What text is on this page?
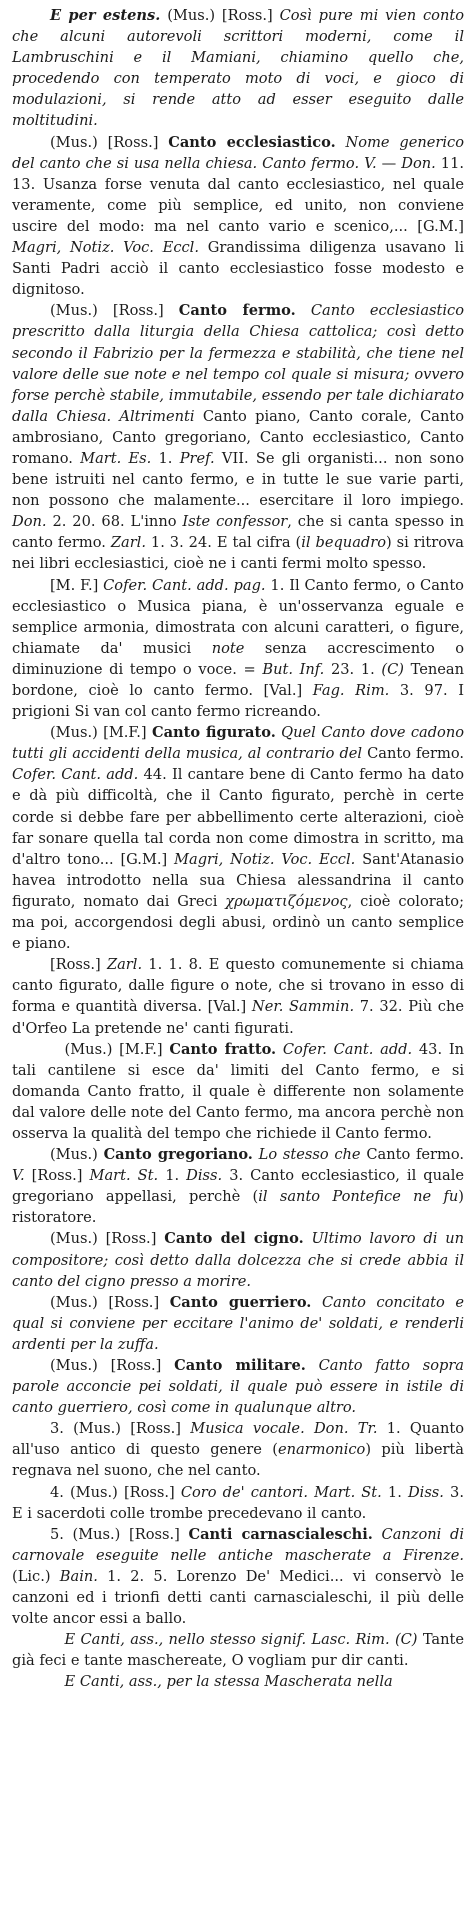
E per estens. (Mus.) [Ross.] Così pure mi vien conto che alcuni autorevoli scrittori moderni, come il Lambruschini e il Mamiani, chiamino quello che, procedendo con temperato moto di voci, e gioco di modulazioni, si rende atto ad esser eseguito dalle moltitudini.

(Mus.) [Ross.] Canto ecclesiastico. Nome generico del canto che si usa nella chiesa. Canto fermo. V. — Don. 11. 13. Usanza forse venuta dal canto ecclesiastico, nel quale veramente, come più semplice, ed unito, non conviene uscire del modo: ma nel canto vario e scenico,... [G.M.] Magri, Notiz. Voc. Eccl. Grandissima diligenza usavano li Santi Padri acciò il canto ecclesiastico fosse modesto e dignitoso.

(Mus.) [Ross.] Canto fermo. Canto ecclesiastico prescritto dalla liturgia della Chiesa cattolica; così detto secondo il Fabrizio per la fermezza e stabilità, che tiene nel valore delle sue note e nel tempo col quale si misura; ovvero forse perchè stabile, immutabile, essendo per tale dichiarato dalla Chiesa. Altrimenti Canto piano, Canto corale, Canto ambrosiano, Canto gregoriano, Canto ecclesiastico, Canto romano. Mart. Es. 1. Pref. VII. Se gli organisti... non sono bene istruiti nel canto fermo, e in tutte le sue varie parti, non possono che malamente... esercitare il loro impiego. Don. 2. 20. 68. L'inno Iste confessor, che si canta spesso in canto fermo. Zarl. 1. 3. 24. E tal cifra (il bequadro) si ritrova nei libri ecclesiastici, cioè ne i canti fermi molto spesso.

[M. F.] Cofer. Cant. add. pag. 1. Il Canto fermo, o Canto ecclesiastico o Musica piana, è un'osservanza eguale e semplice armonia, dimostrata con alcuni caratteri, o figure, chiamate da' musici note senza accrescimento o diminuzione di tempo o voce. = But. Inf. 23. 1. (C) Tenean bordone, cioè lo canto fermo. [Val.] Fag. Rim. 3. 97. I prigioni Si van col canto fermo ricreando.

(Mus.) [M.F.] Canto figurato. Quel Canto dove cadono tutti gli accidenti della musica, al contrario del Canto fermo. Cofer. Cant. add. 44. Il cantare bene di Canto fermo ha dato e dà più difficoltà, che il Canto figurato, perchè in certe corde si debbe fare per abbellimento certe alterazioni, cioè far sonare quella tal corda non come dimostra in scritto, ma d'altro tono... [G.M.] Magri, Notiz. Voc. Eccl. Sant'Atanasio havea introdotto nella sua Chiesa alessandrina il canto figurato, nomato dai Greci χρωματιζόμενος, cioè colorato; ma poi, accorgendosi degli abusi, ordinò un canto semplice e piano.

[Ross.] Zarl. 1. 1. 8. E questo comunemente si chiama canto figurato, dalle figure o note, che si trovano in esso di forma e quantità diversa. [Val.] Ner. Sammin. 7. 32. Più che d'Orfeo La pretende ne' canti figurati.

(Mus.) [M.F.] Canto fratto. Cofer. Cant. add. 43. In tali cantilene si esce da' limiti del Canto fermo, e si domanda Canto fratto, il quale è differente non solamente dal valore delle note del Canto fermo, ma ancora perchè non osserva la qualità del tempo che richiede il Canto fermo.

(Mus.) Canto gregoriano. Lo stesso che Canto fermo. V. [Ross.] Mart. St. 1. Diss. 3. Canto ecclesiastico, il quale gregoriano appellasi, perchè (il santo Pontefice ne fu) ristoratore.

(Mus.) [Ross.] Canto del cigno. Ultimo lavoro di un compositore; così detto dalla dolcezza che si crede abbia il canto del cigno presso a morire.

(Mus.) [Ross.] Canto guerriero. Canto concitato e qual si conviene per eccitare l'animo de' soldati, e renderli ardenti per la zuffa.

(Mus.) [Ross.] Canto militare. Canto fatto sopra parole acconcie pei soldati, il quale può essere in istile di canto guerriero, così come in qualunque altro.

3. (Mus.) [Ross.] Musica vocale. Don. Tr. 1. Quanto all'uso antico di questo genere (enarmonico) più libertà regnava nel suono, che nel canto.

4. (Mus.) [Ross.] Coro de' cantori. Mart. St. 1. Diss. 3. E i sacerdoti colle trombe precedevano il canto.

5. (Mus.) [Ross.] Canti carnascialeschi. Canzoni di carnovale eseguite nelle antiche mascherate a Firenze. (Lic.) Bain. 1. 2. 5. Lorenzo De' Medici... vi conservò le canzoni ed i trionfi detti canti carnascialeschi, il più delle volte ancor essi a ballo.

E Canti, ass., nello stesso signif. Lasc. Rim. (C) Tante già feci e tante maschereate, O vogliam pur dir canti.

E Canti, ass., per la stessa Mascherata nella
